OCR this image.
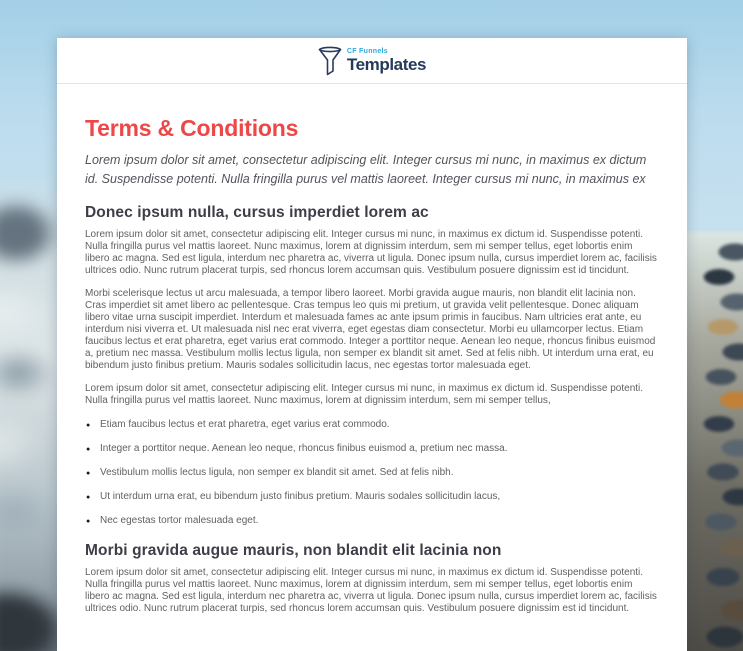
CF Funnels
Templates
Terms & Conditions

Lorem ipsum dolor sit amet, consectetur adipiscing elit. Integer cursus mi nunc, in maximus ex dictum id. Suspendisse potenti. Nulla fringilla purus vel mattis laoreet. Integer cursus mi nunc, in maximus ex

Donec ipsum nulla, cursus imperdiet lorem ac

Lorem ipsum dolor sit amet, consectetur adipiscing elit. Integer cursus mi nunc, in maximus ex dictum id. Suspendisse potenti. Nulla fringilla purus vel mattis laoreet. Nunc maximus, lorem at dignissim interdum, sem mi semper tellus, eget lobortis enim libero ac magna. Sed est ligula, interdum nec pharetra ac, viverra ut ligula. Donec ipsum nulla, cursus imperdiet lorem ac, facilisis ultrices odio. Nunc rutrum placerat turpis, sed rhoncus lorem accumsan quis. Vestibulum posuere dignissim est id tincidunt.

Morbi scelerisque lectus ut arcu malesuada, a tempor libero laoreet. Morbi gravida augue mauris, non blandit elit lacinia non. Cras imperdiet sit amet libero ac pellentesque. Cras tempus leo quis mi pretium, ut gravida velit pellentesque. Donec aliquam libero vitae urna suscipit imperdiet. Interdum et malesuada fames ac ante ipsum primis in faucibus. Nam ultricies erat ante, eu interdum nisi viverra et. Ut malesuada nisl nec erat viverra, eget egestas diam consectetur. Morbi eu ullamcorper lectus. Etiam faucibus lectus et erat pharetra, eget varius erat commodo. Integer a porttitor neque. Aenean leo neque, rhoncus finibus euismod a, pretium nec massa. Vestibulum mollis lectus ligula, non semper ex blandit sit amet. Sed at felis nibh. Ut interdum urna erat, eu bibendum justo finibus pretium. Mauris sodales sollicitudin lacus, nec egestas tortor malesuada eget.

Lorem ipsum dolor sit amet, consectetur adipiscing elit. Integer cursus mi nunc, in maximus ex dictum id. Suspendisse potenti. Nulla fringilla purus vel mattis laoreet. Nunc maximus, lorem at dignissim interdum, sem mi semper tellus,

● Etiam faucibus lectus et erat pharetra, eget varius erat commodo.
● Integer a porttitor neque. Aenean leo neque, rhoncus finibus euismod a, pretium nec massa.
● Vestibulum mollis lectus ligula, non semper ex blandit sit amet. Sed at felis nibh.
● Ut interdum urna erat, eu bibendum justo finibus pretium. Mauris sodales sollicitudin lacus,
● Nec egestas tortor malesuada eget.
Morbi gravida augue mauris, non blandit elit lacinia non

Lorem ipsum dolor sit amet, consectetur adipiscing elit. Integer cursus mi nunc, in maximus ex dictum id. Suspendisse potenti. Nulla fringilla purus vel mattis laoreet. Nunc maximus, lorem at dignissim interdum, sem mi semper tellus, eget lobortis enim libero ac magna. Sed est ligula, interdum nec pharetra ac, viverra ut ligula. Donec ipsum nulla, cursus imperdiet lorem ac, facilisis ultrices odio. Nunc rutrum placerat turpis, sed rhoncus lorem accumsan quis. Vestibulum posuere dignissim est id tincidunt.
